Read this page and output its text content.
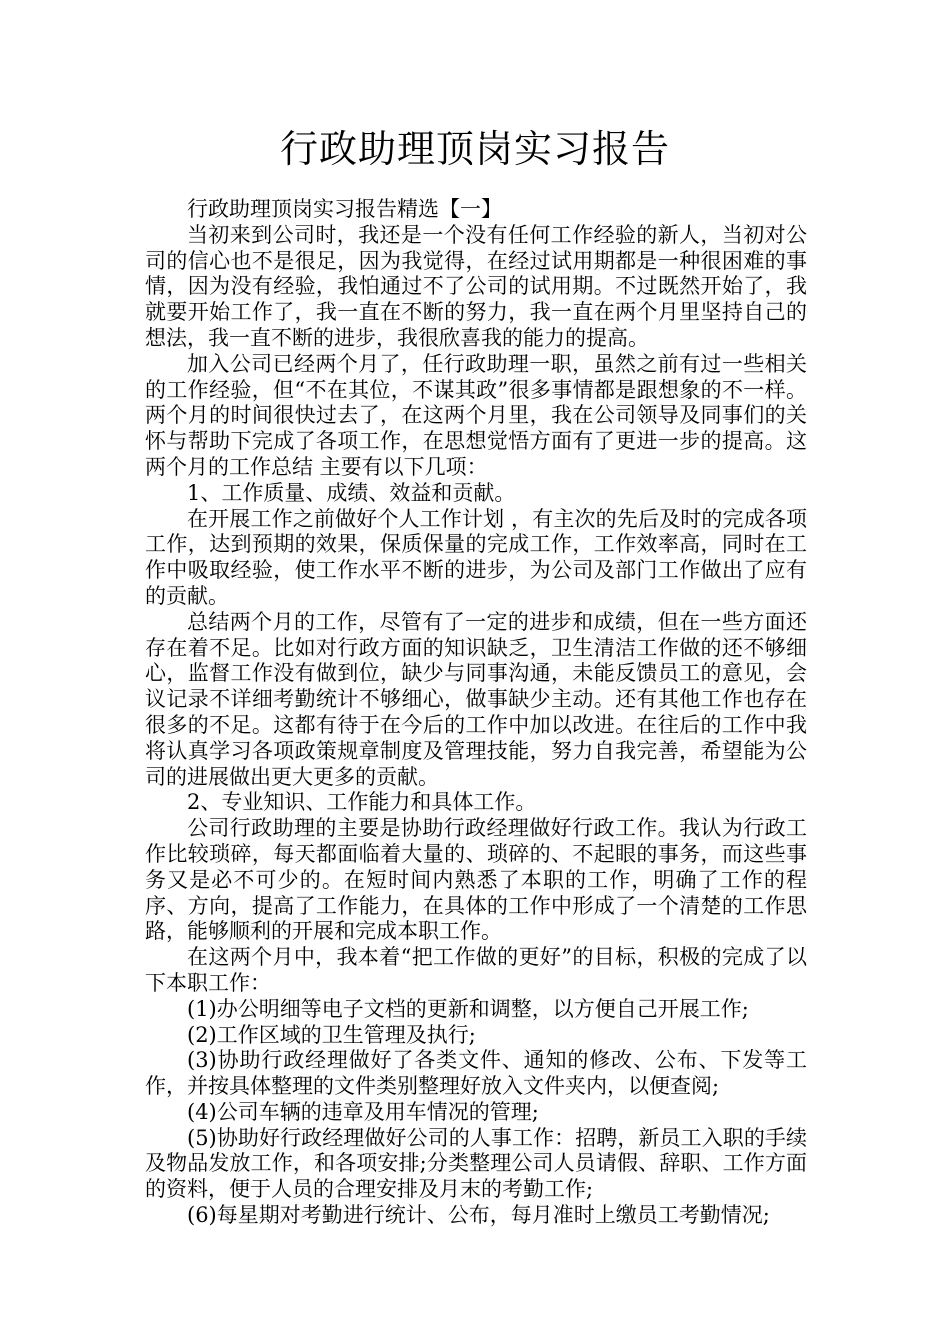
行政助理顶岗实习报告

行政助理顶岗实习报告精选【一】

当初来到公司时，我还是一个没有任何工作经验的新人，当初对公司的信心也不是很足，因为我觉得，在经过试用期都是一种很困难的事情，因为没有经验，我怕通过不了公司的试用期。不过既然开始了，我就要开始工作了，我一直在不断的努力，我一直在两个月里坚持自己的想法，我一直不断的进步，我很欣喜我的能力的提高。

加入公司已经两个月了，任行政助理一职，虽然之前有过一些相关的工作经验，但“不在其位，不谋其政”很多事情都是跟想象的不一样。两个月的时间很快过去了，在这两个月里，我在公司领导及同事们的关怀与帮助下完成了各项工作，在思想觉悟方面有了更进一步的提高。这两个月的工作总结 主要有以下几项：

1、工作质量、成绩、效益和贡献。

在开展工作之前做好个人工作计划 ，有主次的先后及时的完成各项工作，达到预期的效果，保质保量的完成工作，工作效率高，同时在工作中吸取经验，使工作水平不断的进步，为公司及部门工作做出了应有的贡献。

总结两个月的工作，尽管有了一定的进步和成绩，但在一些方面还存在着不足。比如对行政方面的知识缺乏，卫生清洁工作做的还不够细心，监督工作没有做到位，缺少与同事沟通，未能反馈员工的意见，会议记录不详细考勤统计不够细心，做事缺少主动。还有其他工作也存在很多的不足。这都有待于在今后的工作中加以改进。在往后的工作中我将认真学习各项政策规章制度及管理技能，努力自我完善，希望能为公司的进展做出更大更多的贡献。

2、专业知识、工作能力和具体工作。

公司行政助理的主要是协助行政经理做好行政工作。我认为行政工作比较琐碎，每天都面临着大量的、琐碎的、不起眼的事务，而这些事务又是必不可少的。在短时间内熟悉了本职的工作，明确了工作的程序、方向，提高了工作能力，在具体的工作中形成了一个清楚的工作思路，能够顺利的开展和完成本职工作。

在这两个月中，我本着“把工作做的更好”的目标，积极的完成了以下本职工作：

(1)办公明细等电子文档的更新和调整，以方便自己开展工作;

(2)工作区域的卫生管理及执行;

(3)协助行政经理做好了各类文件、通知的修改、公布、下发等工作，并按具体整理的文件类别整理好放入文件夹内，以便查阅;

(4)公司车辆的违章及用车情况的管理;

(5)协助好行政经理做好公司的人事工作：招聘，新员工入职的手续及物品发放工作，和各项安排;分类整理公司人员请假、辞职、工作方面的资料，便于人员的合理安排及月末的考勤工作;

(6)每星期对考勤进行统计、公布，每月准时上缴员工考勤情况;
